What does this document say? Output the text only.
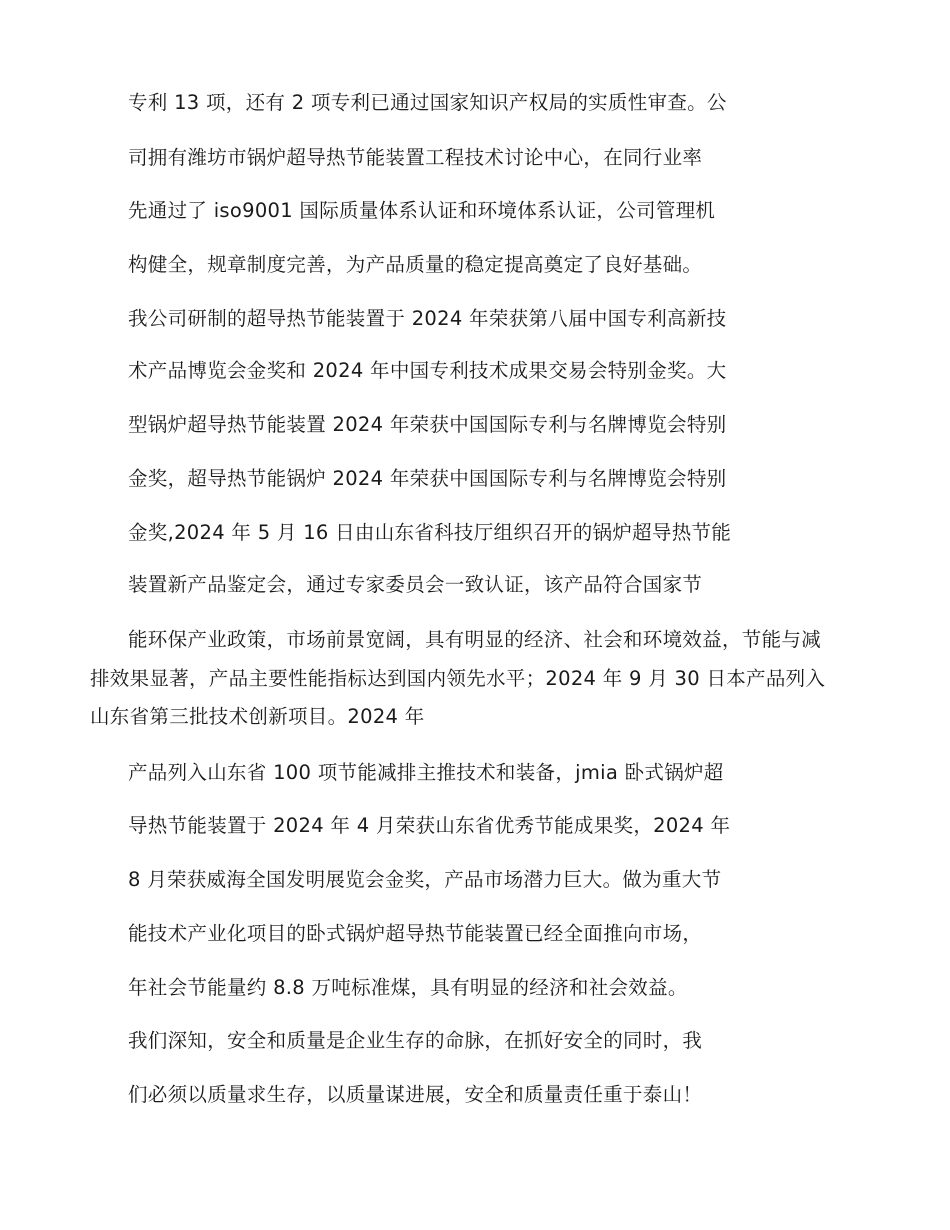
专利 13 项，还有 2 项专利已通过国家知识产权局的实质性审查。公
司拥有潍坊市锅炉超导热节能装置工程技术讨论中心，在同行业率
先通过了 iso9001 国际质量体系认证和环境体系认证，公司管理机
构健全，规章制度完善，为产品质量的稳定提高奠定了良好基础。
我公司研制的超导热节能装置于 2024 年荣获第八届中国专利高新技
术产品博览会金奖和 2024 年中国专利技术成果交易会特别金奖。大
型锅炉超导热节能装置 2024 年荣获中国国际专利与名牌博览会特别
金奖，超导热节能锅炉 2024 年荣获中国国际专利与名牌博览会特别
金奖,2024 年 5 月 16 日由山东省科技厅组织召开的锅炉超导热节能
装置新产品鉴定会，通过专家委员会一致认证，该产品符合国家节
能环保产业政策，市场前景宽阔，具有明显的经济、社会和环境效益，节能与减
排效果显著，产品主要性能指标达到国内领先水平；2024 年 9 月 30 日本产品列入
山东省第三批技术创新项目。2024 年
产品列入山东省 100 项节能减排主推技术和装备，jmia 卧式锅炉超
导热节能装置于 2024 年 4 月荣获山东省优秀节能成果奖，2024 年
8 月荣获威海全国发明展览会金奖，产品市场潜力巨大。做为重大节
能技术产业化项目的卧式锅炉超导热节能装置已经全面推向市场，
年社会节能量约 8.8 万吨标准煤，具有明显的经济和社会效益。
我们深知，安全和质量是企业生存的命脉，在抓好安全的同时，我
们必须以质量求生存，以质量谋进展，安全和质量责任重于泰山！
